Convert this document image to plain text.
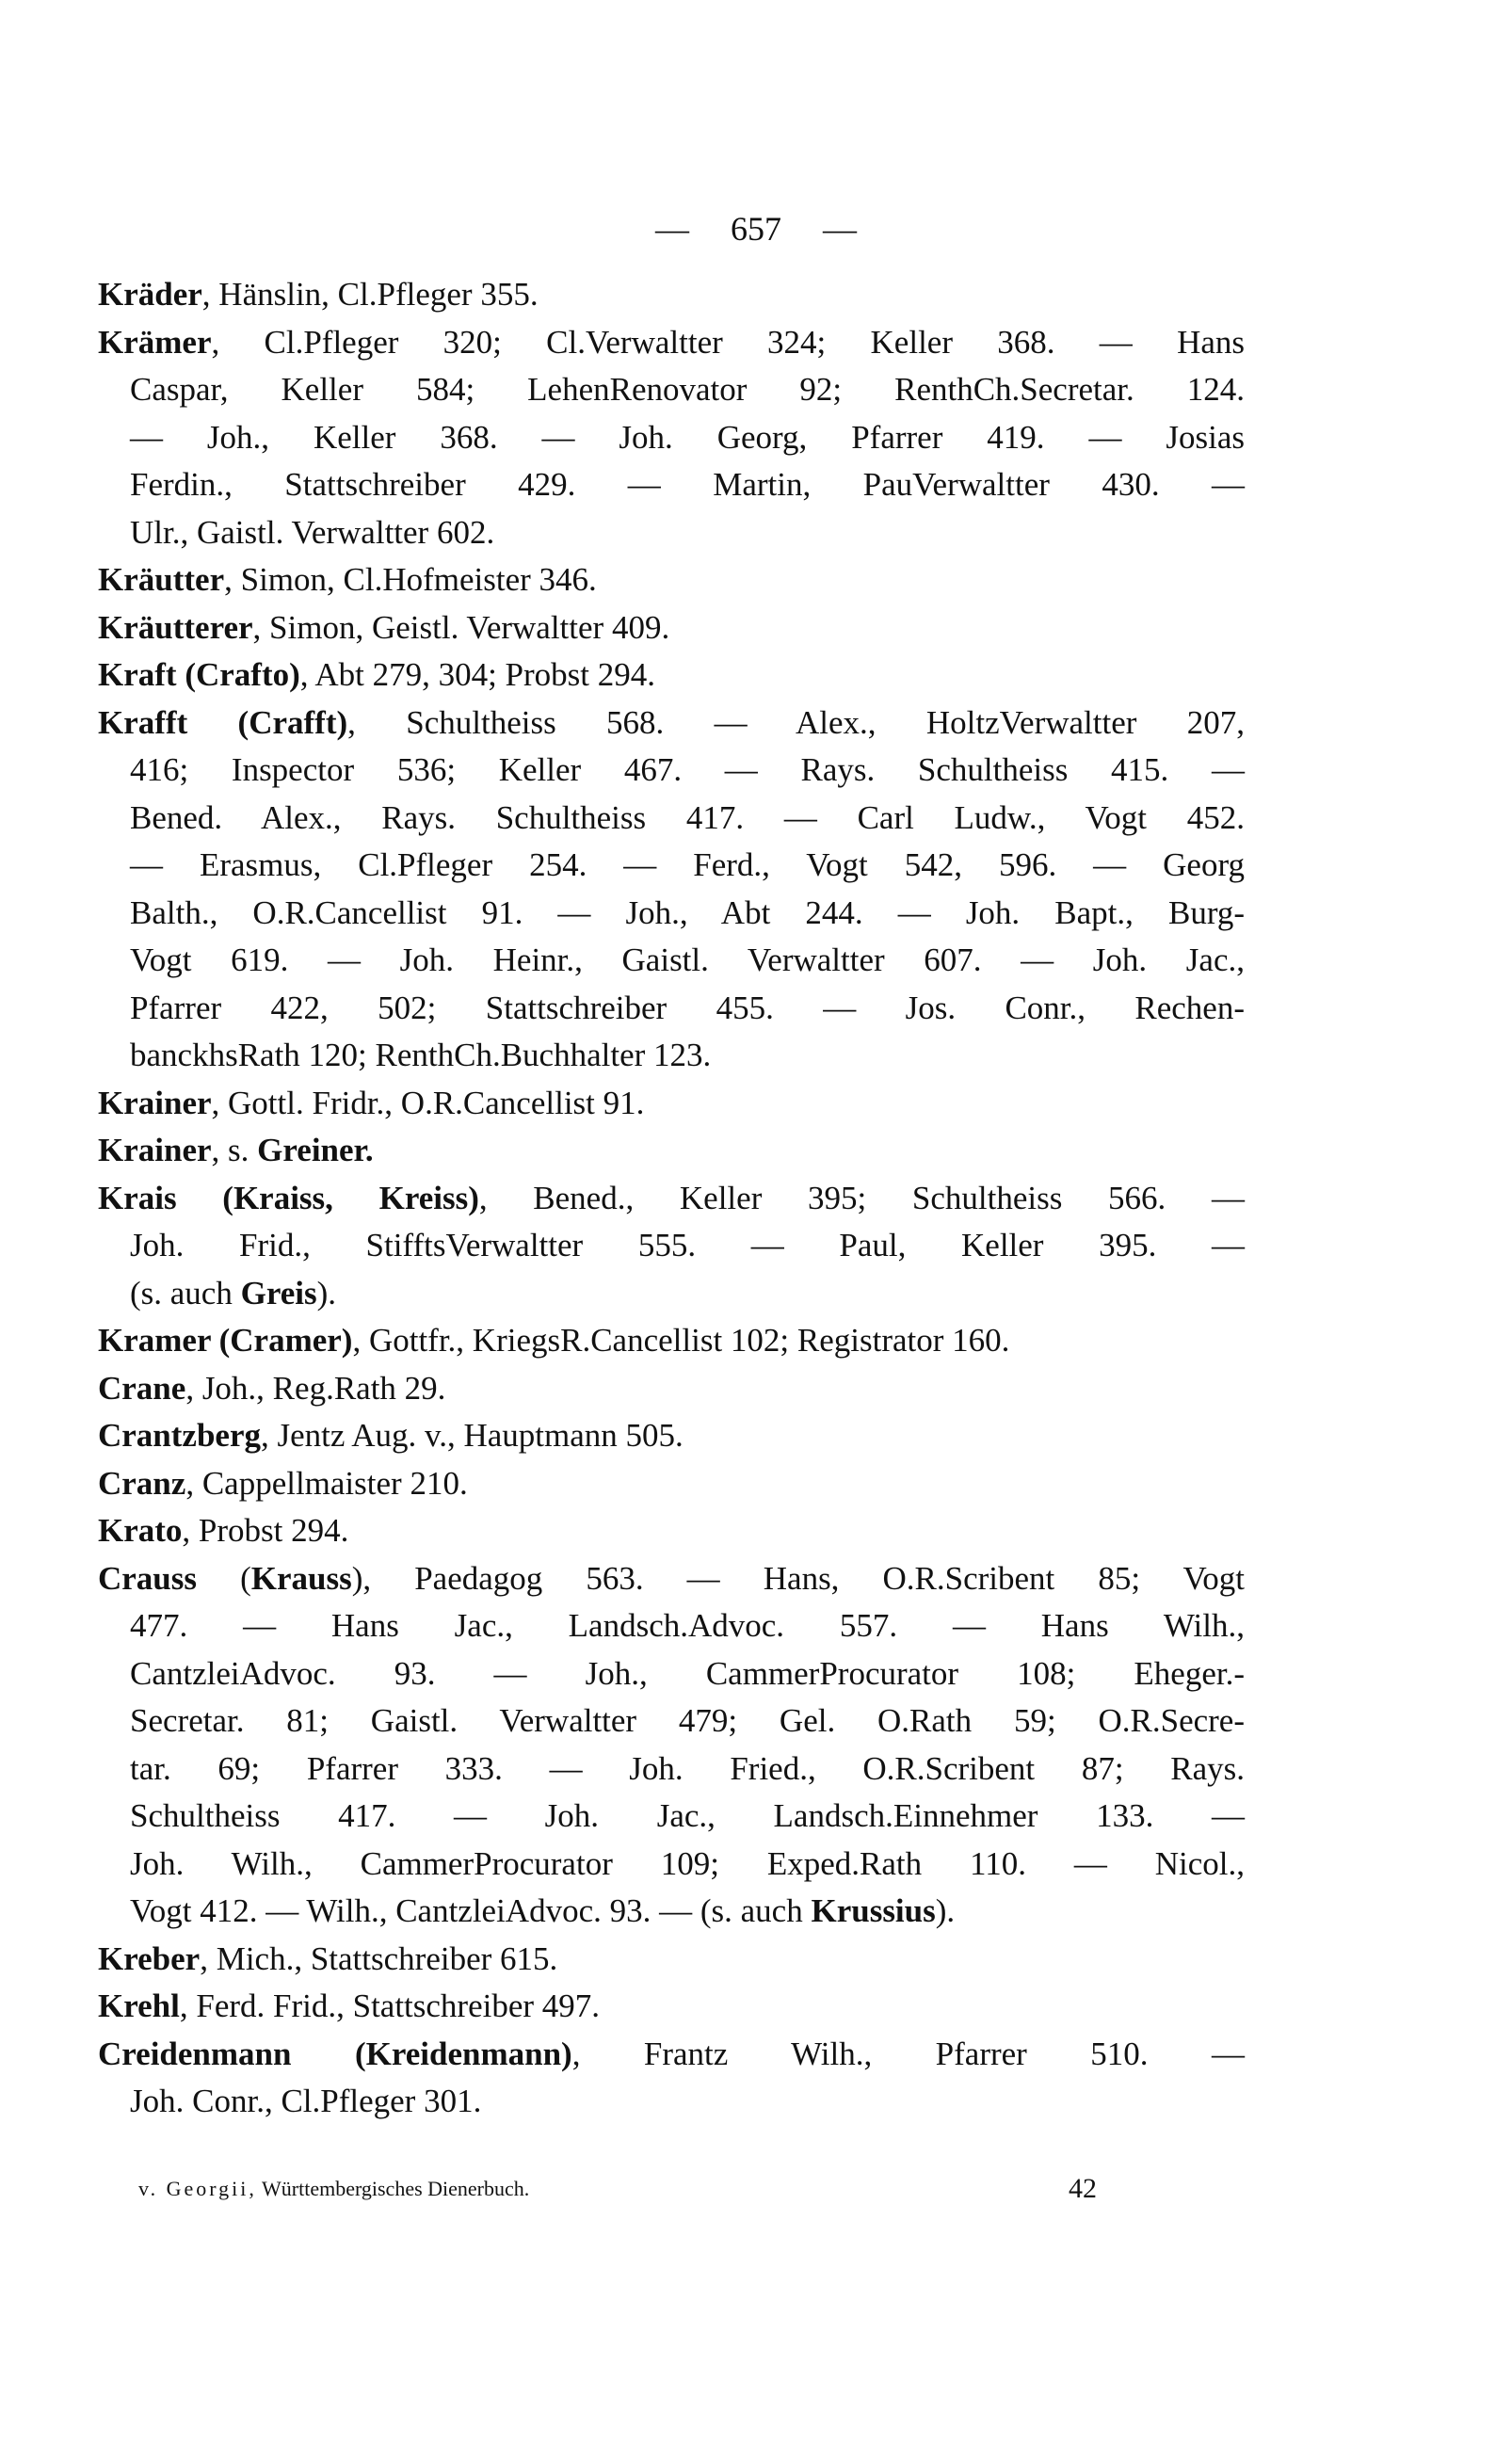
— 657 —
Kräder, Hänslin, Cl.Pfleger 355.
Krämer, Cl.Pfleger 320; Cl.Verwaltter 324; Keller 368. — Hans
Caspar, Keller 584; LehenRenovator 92; RenthCh.Secretar. 124.
— Joh., Keller 368. — Joh. Georg, Pfarrer 419. — Josias
Ferdin., Stattschreiber 429. — Martin, PauVerwaltter 430. —
Ulr., Gaistl. Verwaltter 602.
Kräutter, Simon, Cl.Hofmeister 346.
Kräutterer, Simon, Geistl. Verwaltter 409.
Kraft (Crafto), Abt 279, 304; Probst 294.
Krafft (Crafft), Schultheiss 568. — Alex., HoltzVerwaltter 207,
416; Inspector 536; Keller 467. — Rays. Schultheiss 415. —
Bened. Alex., Rays. Schultheiss 417. — Carl Ludw., Vogt 452.
— Erasmus, Cl.Pfleger 254. — Ferd., Vogt 542, 596. — Georg
Balth., O.R.Cancellist 91. — Joh., Abt 244. — Joh. Bapt., Burg-
Vogt 619. — Joh. Heinr., Gaistl. Verwaltter 607. — Joh. Jac.,
Pfarrer 422, 502; Stattschreiber 455. — Jos. Conr., Rechen-
banckhsRath 120; RenthCh.Buchhalter 123.
Krainer, Gottl. Fridr., O.R.Cancellist 91.
Krainer, s. Greiner.
Krais (Kraiss, Kreiss), Bened., Keller 395; Schultheiss 566. —
Joh. Frid., StifftsVerwaltter 555. — Paul, Keller 395. —
(s. auch Greis).
Kramer (Cramer), Gottfr., KriegsR.Cancellist 102; Registrator 160.
Crane, Joh., Reg.Rath 29.
Crantzberg, Jentz Aug. v., Hauptmann 505.
Cranz, Cappellmaister 210.
Krato, Probst 294.
Crauss (Krauss), Paedagog 563. — Hans, O.R.Scribent 85; Vogt
477. — Hans Jac., Landsch.Advoc. 557. — Hans Wilh.,
CantzleiAdvoc. 93. — Joh., CammerProcurator 108; Eheger.-
Secretar. 81; Gaistl. Verwaltter 479; Gel. O.Rath 59; O.R.Secre-
tar. 69; Pfarrer 333. — Joh. Fried., O.R.Scribent 87; Rays.
Schultheiss 417. — Joh. Jac., Landsch.Einnehmer 133. —
Joh. Wilh., CammerProcurator 109; Exped.Rath 110. — Nicol.,
Vogt 412. — Wilh., CantzleiAdvoc. 93. — (s. auch Krussius).
Kreber, Mich., Stattschreiber 615.
Krehl, Ferd. Frid., Stattschreiber 497.
Creidenmann (Kreidenmann), Frantz Wilh., Pfarrer 510. —
Joh. Conr., Cl.Pfleger 301.
v. Georgii, Württembergisches Dienerbuch.	42
